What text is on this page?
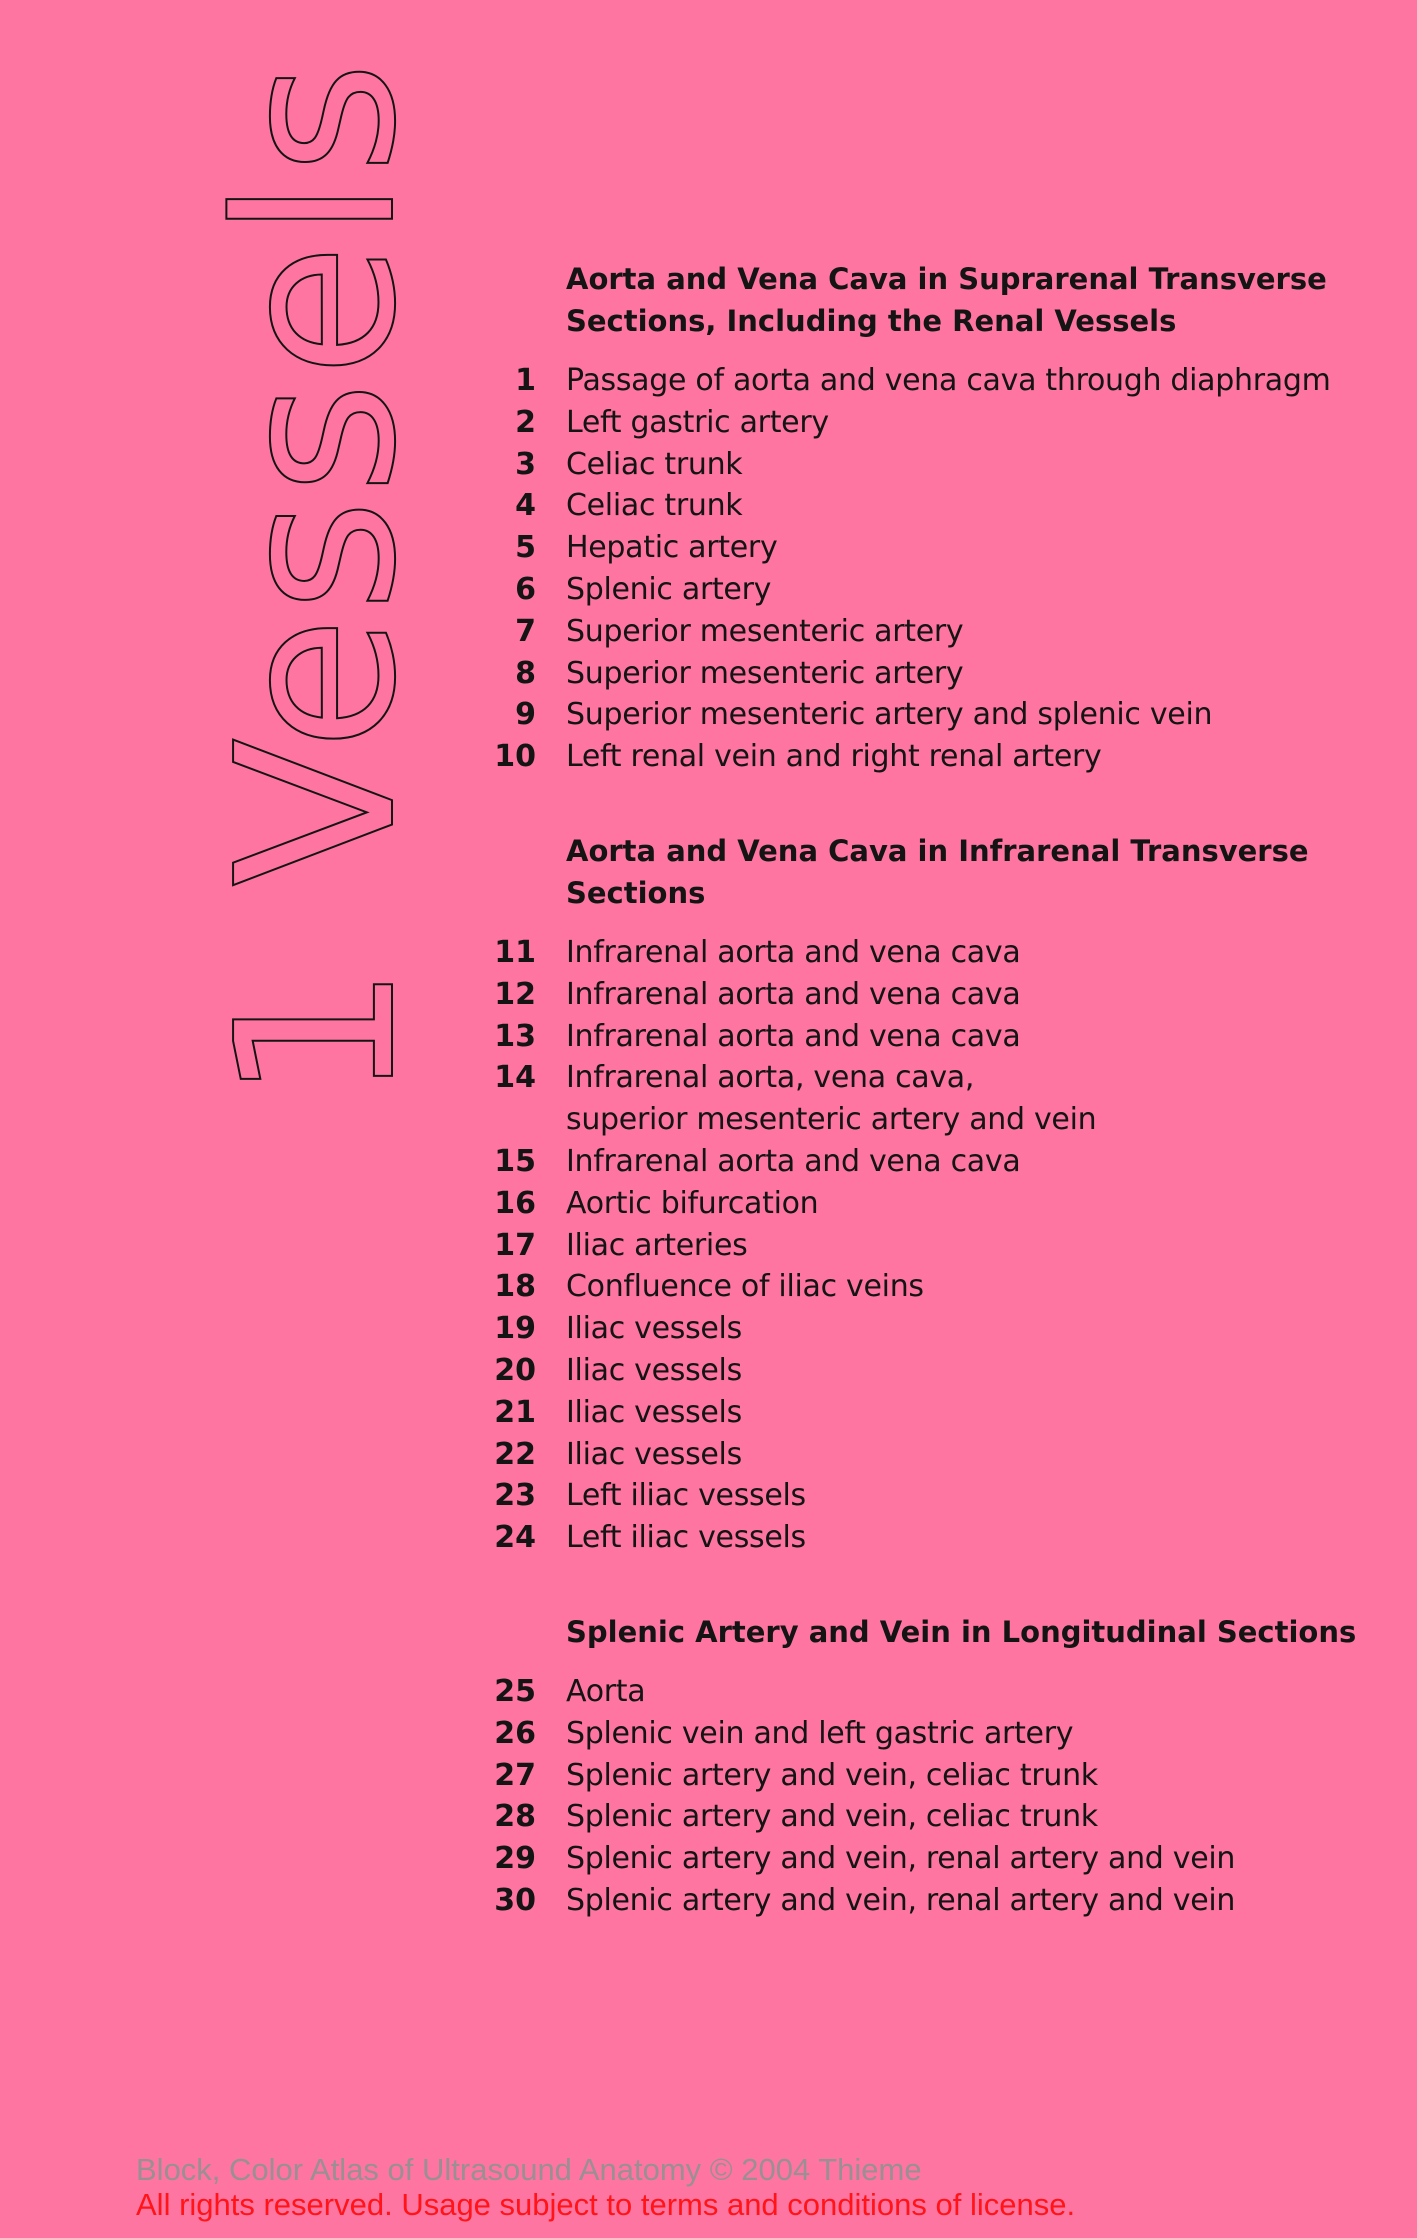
1 Vessels	Aorta and Vena Cava in Suprarenal Transverse
Sections, Including the Renal Vessels
1 Passage of aorta and vena cava through diaphragm
2 Left gastric artery
3 Celiac trunk
4 Celiac trunk
5 Hepatic artery
6 Splenic artery
7 Superior mesenteric artery
8 Superior mesenteric artery
9 Superior mesenteric artery and splenic vein
10 Left renal vein and right renal artery
Aorta and Vena Cava in Infrarenal Transverse
Sections
11 Infrarenal aorta and vena cava
12 Infrarenal aorta and vena cava
13 Infrarenal aorta and vena cava
14 Infrarenal aorta, vena cava,
superior mesenteric artery and vein
15 Infrarenal aorta and vena cava
16 Aortic bifurcation
17 Iliac arteries
18 Confluence of iliac veins
19 Iliac vessels
20 Iliac vessels
21 Iliac vessels
22 Iliac vessels
23 Left iliac vessels
24 Left iliac vessels
Splenic Artery and Vein in Longitudinal Sections
25 Aorta
26 Splenic vein and left gastric artery
27 Splenic artery and vein, celiac trunk
28 Splenic artery and vein, celiac trunk
29 Splenic artery and vein, renal artery and vein
30 Splenic artery and vein, renal artery and vein
Block, Color Atlas of Ultrasound Anatomy © 2004 Thieme
All rights reserved. Usage subject to terms and conditions of license.
